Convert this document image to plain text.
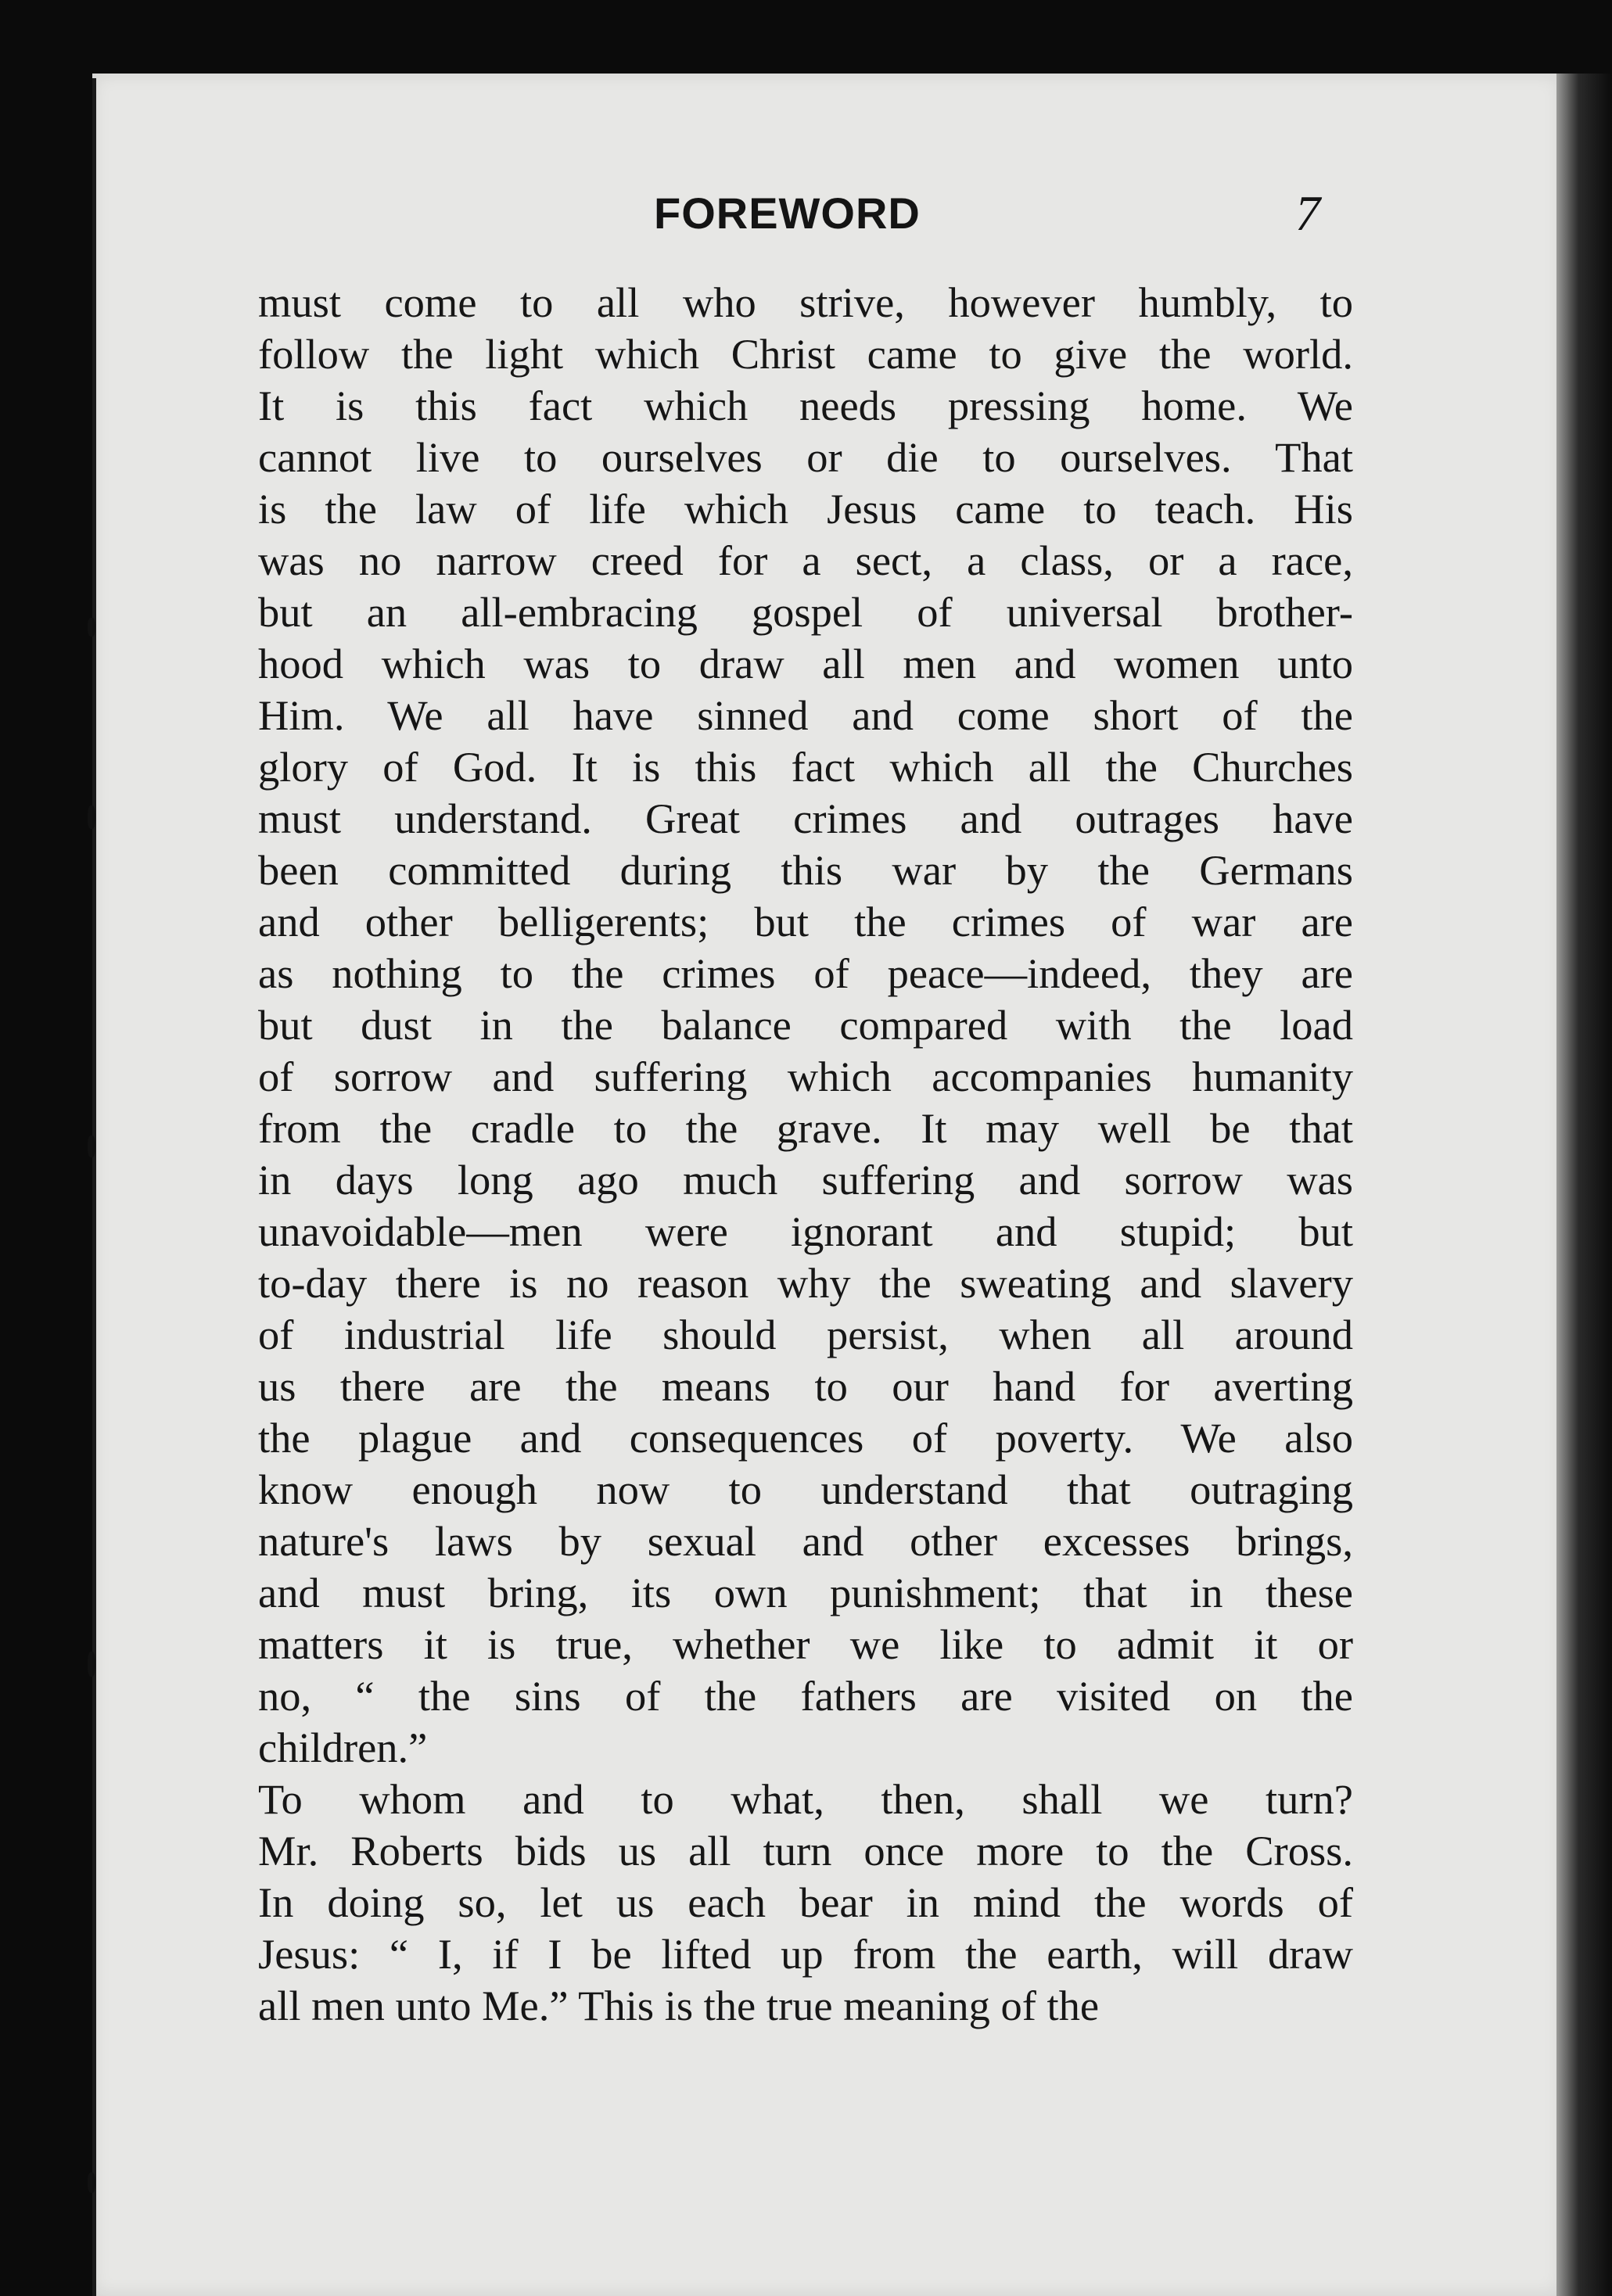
FOREWORD	7
must come to all who strive, however humbly, to
follow the light which Christ came to give the world.
It is this fact which needs pressing home. We
cannot live to ourselves or die to ourselves. That
is the law of life which Jesus came to teach. His
was no narrow creed for a sect, a class, or a race,
but an all-embracing gospel of universal brother-
hood which was to draw all men and women unto
Him. We all have sinned and come short of the
glory of God. It is this fact which all the Churches
must understand. Great crimes and outrages have
been committed during this war by the Germans
and other belligerents; but the crimes of war are
as nothing to the crimes of peace—indeed, they are
but dust in the balance compared with the load
of sorrow and suffering which accompanies humanity
from the cradle to the grave. It may well be that
in days long ago much suffering and sorrow was
unavoidable—men were ignorant and stupid; but
to-day there is no reason why the sweating and slavery
of industrial life should persist, when all around
us there are the means to our hand for averting
the plague and consequences of poverty. We also
know enough now to understand that outraging
nature's laws by sexual and other excesses brings,
and must bring, its own punishment; that in these
matters it is true, whether we like to admit it or
no, “ the sins of the fathers are visited on the
children.”
To whom and to what, then, shall we turn?
Mr. Roberts bids us all turn once more to the Cross.
In doing so, let us each bear in mind the words of
Jesus: “ I, if I be lifted up from the earth, will draw
all men unto Me.” This is the true meaning of the
